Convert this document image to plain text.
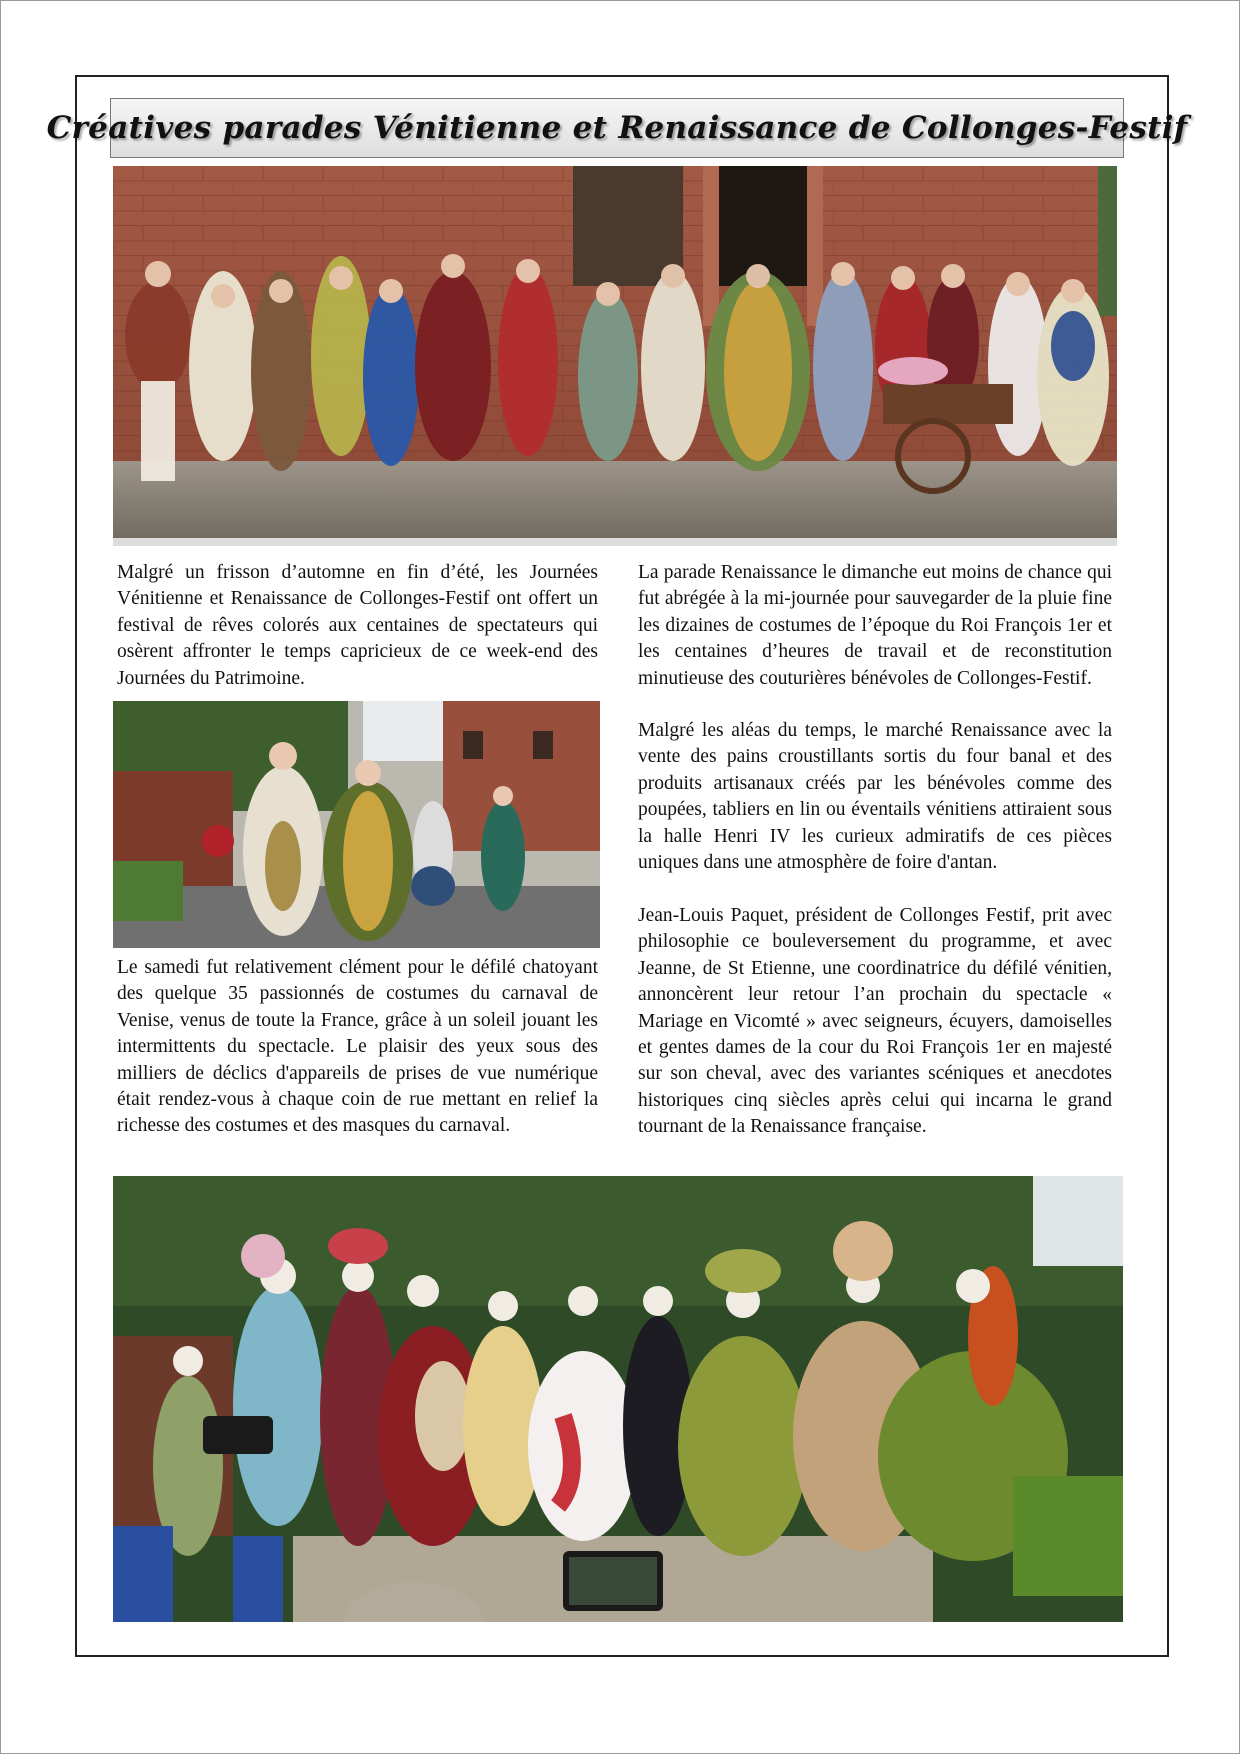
Créatives parades Vénitienne et Renaissance de Collonges-Festif

Malgré un frisson d’automne en fin d’été, les Journées Vénitienne et Renaissance de Collonges-Festif ont offert un festival de rêves colorés aux centaines de spectateurs qui osèrent affronter le temps capricieux de ce week-end des Journées du Patrimoine.

Le samedi fut relativement clément pour le défilé chatoyant des quelque 35 passionnés de costumes du carnaval de Venise, venus de toute la France, grâce à un soleil jouant les intermittents du spectacle. Le plaisir des yeux sous des milliers de déclics d'appareils de prises de vue numérique était rendez-vous à chaque coin de rue mettant en relief la richesse des costumes et des masques du carnaval.

La parade Renaissance le dimanche eut moins de chance qui fut abrégée à la mi-journée pour sauvegarder de la pluie fine les dizaines de costumes de l’époque du Roi François 1er et les centaines d’heures de travail et de reconstitution minutieuse des couturières bénévoles de Collonges-Festif.

Malgré les aléas du temps, le marché Renaissance avec la vente des pains croustillants sortis du four banal et des produits artisanaux créés par les bénévoles comme des poupées, tabliers en lin ou éventails vénitiens attiraient sous la halle Henri IV les curieux admiratifs de ces pièces uniques dans une atmosphère de foire d'antan.

Jean-Louis Paquet, président de Collonges Festif, prit avec philosophie ce bouleversement du programme, et avec Jeanne, de St Etienne, une coordinatrice du défilé vénitien, annoncèrent leur retour l’an prochain du spectacle « Mariage en Vicomté » avec seigneurs, écuyers, damoiselles et gentes dames de la cour du Roi François 1er en majesté sur son cheval, avec des variantes scéniques et anecdotes historiques cinq siècles après celui qui incarna le grand tournant de la Renaissance française.
